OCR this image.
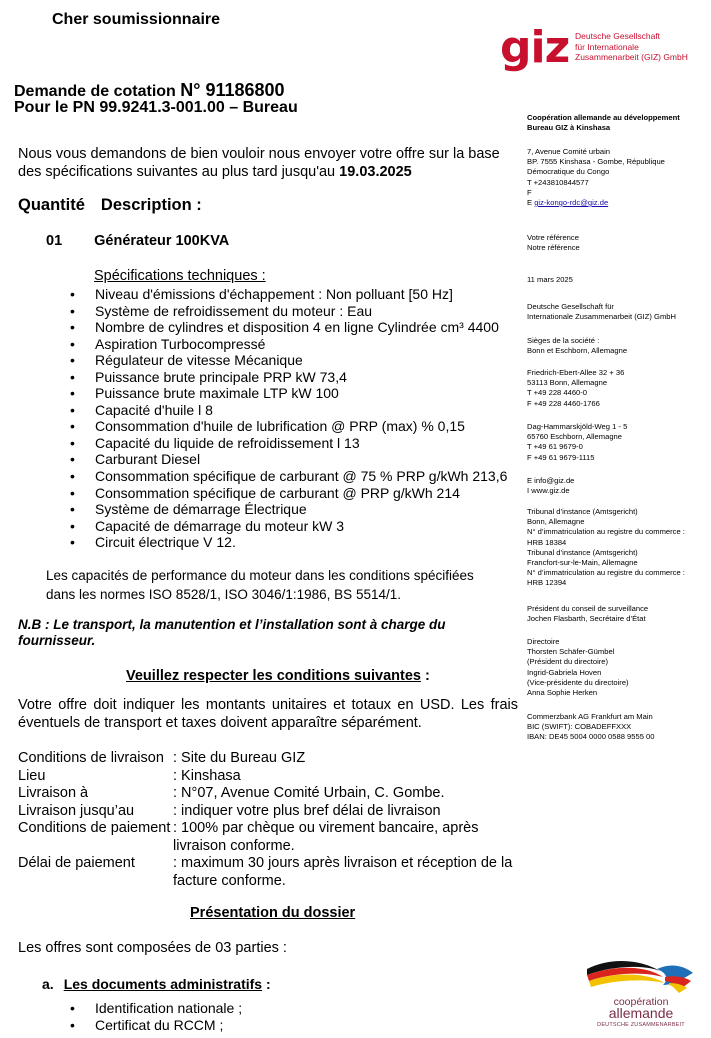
Cher soumissionnaire
giz Deutsche Gesellschaft
für Internationale
Zusammenarbeit (GIZ) GmbH
Demande de cotation N° 91186800
Pour le PN 99.9241.3-001.00 – Bureau
Nous vous demandons de bien vouloir nous envoyer votre offre sur la base
des spécifications suivantes au plus tard jusqu'au 19.03.2025
Quantité Description :
01 Générateur 100KVA
Spécifications techniques :
• Niveau d'émissions d'échappement : Non polluant [50 Hz]
• Système de refroidissement du moteur : Eau
• Nombre de cylindres et disposition 4 en ligne Cylindrée cm³ 4400
• Aspiration Turbocompressé
• Régulateur de vitesse Mécanique
• Puissance brute principale PRP kW 73,4
• Puissance brute maximale LTP kW 100
• Capacité d'huile l 8
• Consommation d'huile de lubrification @ PRP (max) % 0,15
• Capacité du liquide de refroidissement l 13
• Carburant Diesel
• Consommation spécifique de carburant @ 75 % PRP g/kWh 213,6
• Consommation spécifique de carburant @ PRP g/kWh 214
• Système de démarrage Électrique
• Capacité de démarrage du moteur kW 3
• Circuit électrique V 12.
Les capacités de performance du moteur dans les conditions spécifiées
dans les normes ISO 8528/1, ISO 3046/1:1986, BS 5514/1.
N.B : Le transport, la manutention et l’installation sont à charge du
fournisseur.
Veuillez respecter les conditions suivantes :
Votre offre doit indiquer les montants unitaires et totaux en USD. Les frais éventuels de transport et taxes doivent apparaître séparément.
Conditions de livraison : Site du Bureau GIZ
Lieu	: Kinshasa
Livraison à	: N°07, Avenue Comité Urbain, C. Gombe.
Livraison jusqu’au	: indiquer votre plus bref délai de livraison
Conditions de paiement : 100% par chèque ou virement bancaire, après livraison conforme.
Délai de paiement	: maximum 30 jours après livraison et réception de la facture conforme.
Présentation du dossier
Les offres sont composées de 03 parties :
a. Les documents administratifs :
• Identification nationale ;
• Certificat du RCCM ;
Coopération allemande au développement
Bureau GIZ à Kinshasa
7, Avenue Comité urbain
BP. 7555 Kinshasa - Gombe, République
Démocratique du Congo
T +243810844577
F
E giz-kongo-rdc@giz.de
Votre référence
Notre référence
11 mars 2025
Deutsche Gesellschaft für
Internationale Zusammenarbeit (GIZ) GmbH
Sièges de la société :
Bonn et Eschborn, Allemagne
Friedrich-Ebert-Allee 32 + 36
53113 Bonn, Allemagne
T +49 228 4460-0
F +49 228 4460-1766
Dag-Hammarskjöld-Weg 1 - 5
65760 Eschborn, Allemagne
T +49 61 9679-0
F +49 61 9679-1115
E info@giz.de
I www.giz.de
Tribunal d’instance (Amtsgericht)
Bonn, Allemagne
N° d’immatriculation au registre du commerce :
HRB 18384
Tribunal d’instance (Amtsgericht)
Francfort-sur-le-Main, Allemagne
N° d’immatriculation au registre du commerce :
HRB 12394
Président du conseil de surveillance
Jochen Flasbarth, Secrétaire d’État
Directoire
Thorsten Schäfer-Gümbel
(Président du directoire)
Ingrid-Gabriela Hoven
(Vice-présidente du directoire)
Anna Sophie Herken
Commerzbank AG Frankfurt am Main
BIC (SWIFT): COBADEFFXXX
IBAN: DE45 5004 0000 0588 9555 00
coopération
allemande
DEUTSCHE ZUSAMMENARBEIT
